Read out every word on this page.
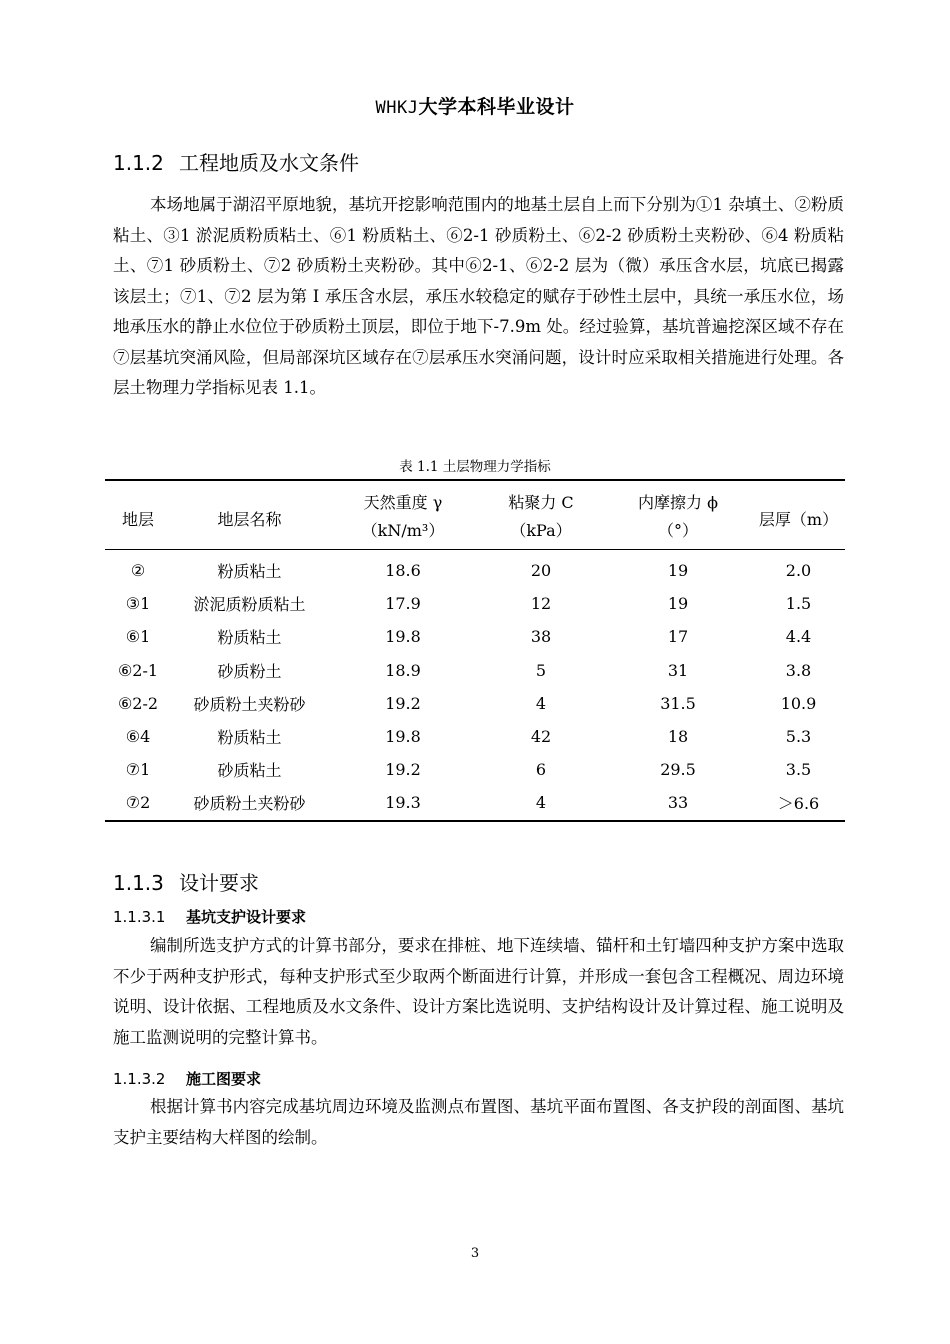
WHKJ大学本科毕业设计
1.1.2 工程地质及水文条件

本场地属于湖沼平原地貌，基坑开挖影响范围内的地基土层自上而下分别为①1 杂填土、②粉质粘土、③1 淤泥质粉质粘土、⑥1 粉质粘土、⑥2-1 砂质粉土、⑥2-2 砂质粉土夹粉砂、⑥4 粉质粘土、⑦1 砂质粉土、⑦2 砂质粉土夹粉砂。其中⑥2-1、⑥2-2 层为（微）承压含水层，坑底已揭露该层土；⑦1、⑦2 层为第 I 承压含水层，承压水较稳定的赋存于砂性土层中，具统一承压水位，场地承压水的静止水位位于砂质粉土顶层，即位于地下-7.9m 处。经过验算，基坑普遍挖深区域不存在⑦层基坑突涌风险，但局部深坑区域存在⑦层承压水突涌问题，设计时应采取相关措施进行处理。各层土物理力学指标见表 1.1。

表 1.1 土层物理力学指标
地层	地层名称	天然重度 γ	粘聚力 C	内摩擦力 ϕ	层厚（m）
		（kN/m³）	（kPa）	（°）	
②	粉质粘土	18.6	20	19	2.0
③1	淤泥质粉质粘土	17.9	12	19	1.5
⑥1	粉质粘土	19.8	38	17	4.4
⑥2-1	砂质粉土	18.9	5	31	3.8
⑥2-2	砂质粉土夹粉砂	19.2	4	31.5	10.9
⑥4	粉质粘土	19.8	42	18	5.3
⑦1	砂质粘土	19.2	6	29.5	3.5
⑦2	砂质粉土夹粉砂	19.3	4	33	＞6.6
1.1.3 设计要求
1.1.3.1 基坑支护设计要求

编制所选支护方式的计算书部分，要求在排桩、地下连续墙、锚杆和土钉墙四种支护方案中选取不少于两种支护形式，每种支护形式至少取两个断面进行计算，并形成一套包含工程概况、周边环境说明、设计依据、工程地质及水文条件、设计方案比选说明、支护结构设计及计算过程、施工说明及施工监测说明的完整计算书。

1.1.3.2 施工图要求

根据计算书内容完成基坑周边环境及监测点布置图、基坑平面布置图、各支护段的剖面图、基坑支护主要结构大样图的绘制。

3
